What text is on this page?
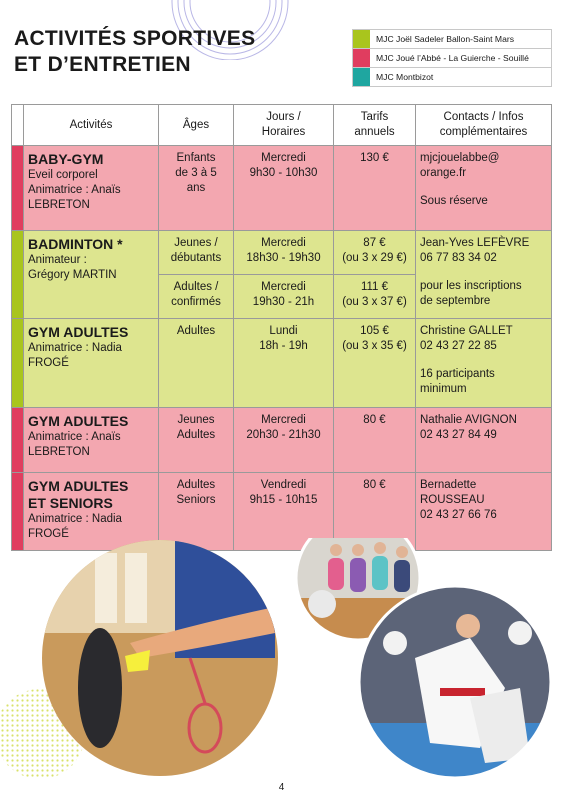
ACTIVITÉS SPORTIVES
ET D’ENTRETIEN
MJC Joël Sadeler Ballon-Saint Mars
MJC Joué l’Abbé - La Guierche - Souillé
MJC Montbizot
	Activités	Âges	Jours /
Horaires	Tarifs
annuels	Contacts / Infos
complémentaires

	BABY-GYM
Eveil corporel
Animatrice : Anaïs
LEBRETON	Enfants
de 3 à 5
ans	Mercredi
9h30 - 10h30	130 €	mjcjouelabbe@
orange.fr
Sous réserve

	BADMINTON *
Animateur :
Grégory MARTIN	Jeunes /
débutants	Mercredi
18h30 - 19h30	87 €
(ou 3 x 29 €)	Jean-Yves LEFÈVRE
06 77 83 34 02
pour les inscriptions
de septembre

		Adultes /
confirmés	Mercredi
19h30 - 21h	111 €
(ou 3 x 37 €)	

	GYM ADULTES
Animatrice : Nadia
FROGÉ	Adultes	Lundi
18h - 19h	105 €
(ou 3 x 35 €)	Christine GALLET
02 43 27 22 85
16 participants
minimum

	GYM ADULTES
Animatrice : Anaïs
LEBRETON	Jeunes
Adultes	Mercredi
20h30 - 21h30	80 €	Nathalie AVIGNON
02 43 27 84 49

	GYM ADULTES
ET SENIORS
Animatrice : Nadia
FROGÉ	Adultes
Seniors	Vendredi
9h15 - 10h15	80 €	Bernadette
ROUSSEAU
02 43 27 66 76
4
